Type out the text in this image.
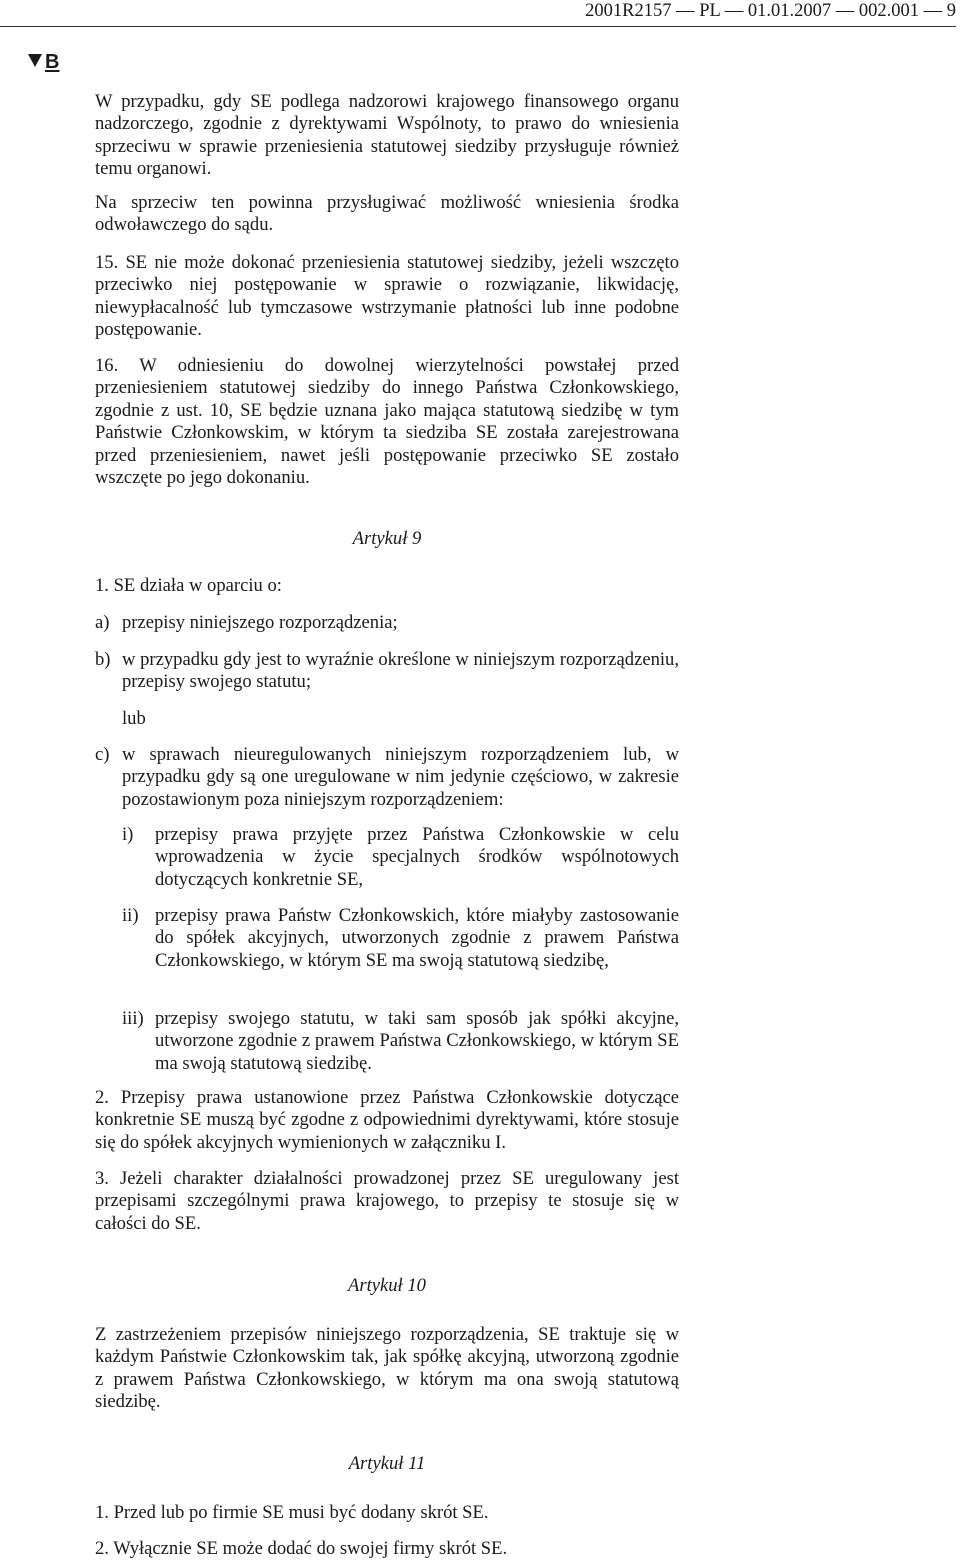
2001R2157 — PL — 01.01.2007 — 002.001 — 9
B
W przypadku, gdy SE podlega nadzorowi krajowego finansowego organu nadzorczego, zgodnie z dyrektywami Wspólnoty, to prawo do wniesienia sprzeciwu w sprawie przeniesienia statutowej siedziby przysługuje również temu organowi.
Na sprzeciw ten powinna przysługiwać możliwość wniesienia środka odwoławczego do sądu.
15. SE nie może dokonać przeniesienia statutowej siedziby, jeżeli wszczęto przeciwko niej postępowanie w sprawie o rozwiązanie, likwidację, niewypłacalność lub tymczasowe wstrzymanie płatności lub inne podobne postępowanie.
16. W odniesieniu do dowolnej wierzytelności powstałej przed przeniesieniem statutowej siedziby do innego Państwa Członkowskiego, zgodnie z ust. 10, SE będzie uznana jako mająca statutową siedzibę w tym Państwie Członkowskim, w którym ta siedziba SE została zarejestrowana przed przeniesieniem, nawet jeśli postępowanie przeciwko SE zostało wszczęte po jego dokonaniu.
Artykuł 9
1. SE działa w oparciu o:
a) przepisy niniejszego rozporządzenia;
b) w przypadku gdy jest to wyraźnie określone w niniejszym rozporządzeniu, przepisy swojego statutu;
lub
c) w sprawach nieuregulowanych niniejszym rozporządzeniem lub, w przypadku gdy są one uregulowane w nim jedynie częściowo, w zakresie pozostawionym poza niniejszym rozporządzeniem:
i) przepisy prawa przyjęte przez Państwa Członkowskie w celu wprowadzenia w życie specjalnych środków wspólnotowych dotyczących konkretnie SE,
ii) przepisy prawa Państw Członkowskich, które miałyby zastosowanie do spółek akcyjnych, utworzonych zgodnie z prawem Państwa Członkowskiego, w którym SE ma swoją statutową siedzibę,
iii) przepisy swojego statutu, w taki sam sposób jak spółki akcyjne, utworzone zgodnie z prawem Państwa Członkowskiego, w którym SE ma swoją statutową siedzibę.
2. Przepisy prawa ustanowione przez Państwa Członkowskie dotyczące konkretnie SE muszą być zgodne z odpowiednimi dyrektywami, które stosuje się do spółek akcyjnych wymienionych w załączniku I.
3. Jeżeli charakter działalności prowadzonej przez SE uregulowany jest przepisami szczególnymi prawa krajowego, to przepisy te stosuje się w całości do SE.
Artykuł 10
Z zastrzeżeniem przepisów niniejszego rozporządzenia, SE traktuje się w każdym Państwie Członkowskim tak, jak spółkę akcyjną, utworzoną zgodnie z prawem Państwa Członkowskiego, w którym ma ona swoją statutową siedzibę.
Artykuł 11
1. Przed lub po firmie SE musi być dodany skrót SE.
2. Wyłącznie SE może dodać do swojej firmy skrót SE.
